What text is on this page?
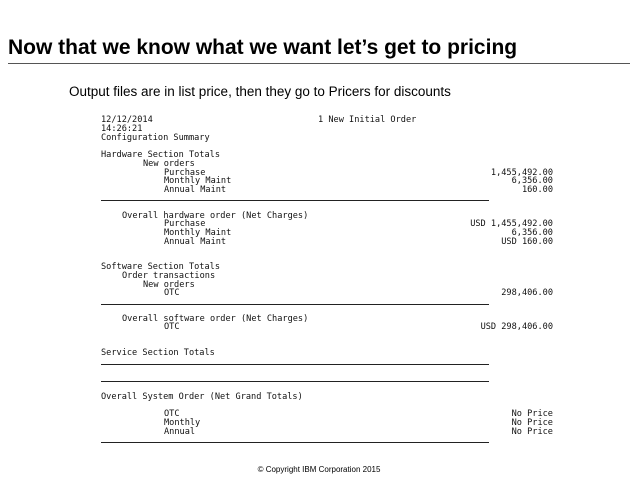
Now that we know what we want let’s get to pricing
Output files are in list price, then they go to Pricers for discounts
12/12/2014
14:26:21
Configuration Summary
1 New Initial Order
Hardware Section Totals
New orders
Purchase
Monthly Maint
Annual Maint
1,455,492.00
6,356.00
160.00
Overall hardware order (Net Charges)
Purchase
Monthly Maint
Annual Maint
USD 1,455,492.00
6,356.00
USD 160.00
Software Section Totals
Order transactions
New orders
OTC	298,406.00
Overall software order (Net Charges)
OTC	USD 298,406.00
Service Section Totals
Overall System Order (Net Grand Totals)
OTC
Monthly
Annual
No Price
No Price
No Price
© Copyright IBM Corporation 2015
